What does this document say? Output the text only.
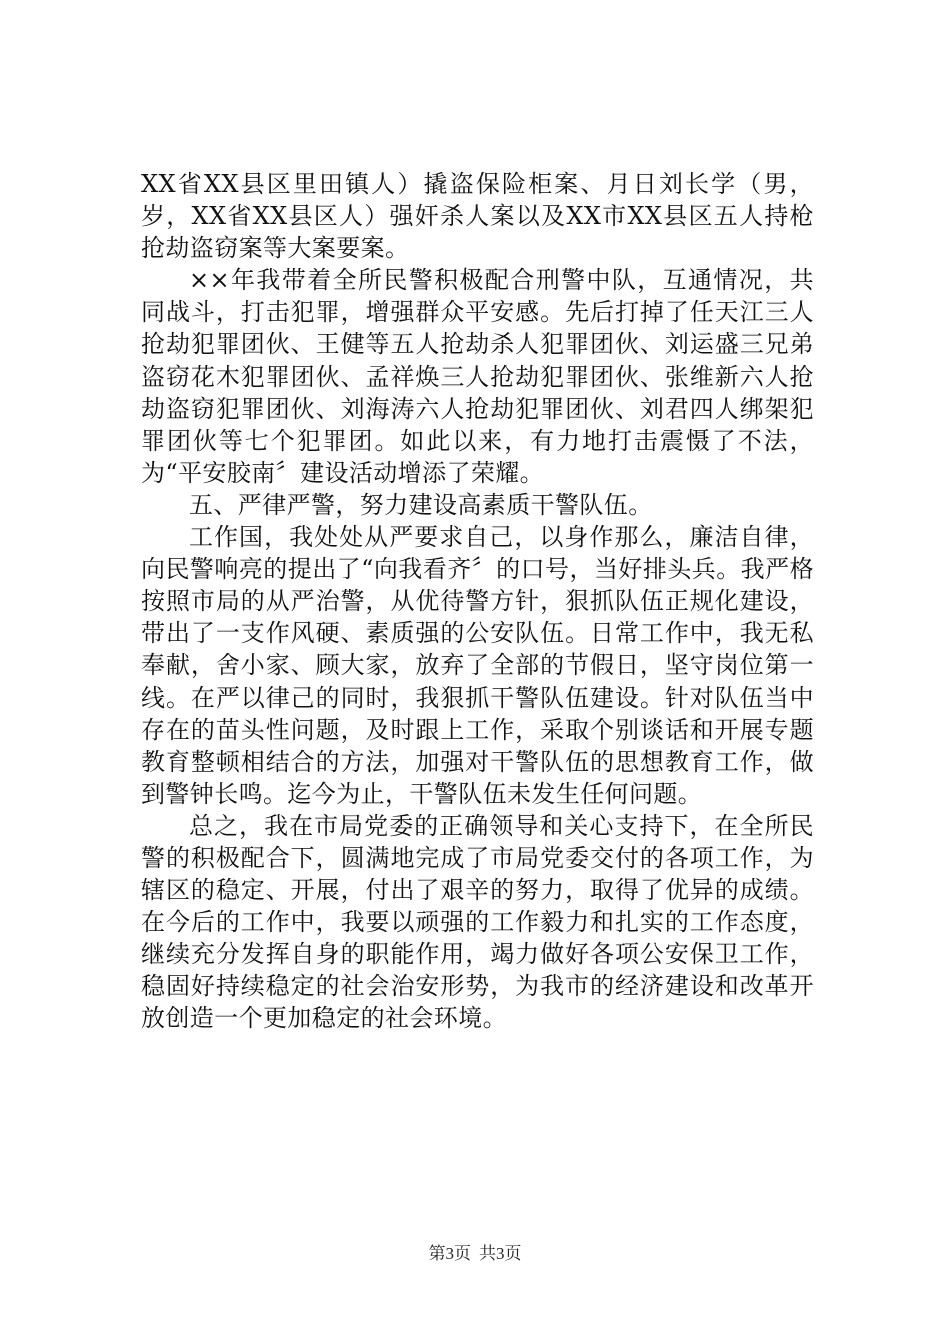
XX省XX县区里田镇人）撬盗保险柜案、月日刘长学（男，岁，XX省XX县区人）强奸杀人案以及XX市XX县区五人持枪抢劫盗窃案等大案要案。

××年我带着全所民警积极配合刑警中队，互通情况，共同战斗，打击犯罪，增强群众平安感。先后打掉了任天江三人抢劫犯罪团伙、王健等五人抢劫杀人犯罪团伙、刘运盛三兄弟盗窃花木犯罪团伙、孟祥焕三人抢劫犯罪团伙、张维新六人抢劫盗窃犯罪团伙、刘海涛六人抢劫犯罪团伙、刘君四人绑架犯罪团伙等七个犯罪团。如此以来，有力地打击震慑了不法，为“平安胶南〞建设活动增添了荣耀。

五、严律严警，努力建设高素质干警队伍。

工作国，我处处从严要求自己，以身作那么，廉洁自律，向民警响亮的提出了“向我看齐〞的口号，当好排头兵。我严格按照市局的从严治警，从优待警方针，狠抓队伍正规化建设，带出了一支作风硬、素质强的公安队伍。日常工作中，我无私奉献，舍小家、顾大家，放弃了全部的节假日，坚守岗位第一线。在严以律己的同时，我狠抓干警队伍建设。针对队伍当中存在的苗头性问题，及时跟上工作，采取个别谈话和开展专题教育整顿相结合的方法，加强对干警队伍的思想教育工作，做到警钟长鸣。迄今为止，干警队伍未发生任何问题。

总之，我在市局党委的正确领导和关心支持下，在全所民警的积极配合下，圆满地完成了市局党委交付的各项工作，为辖区的稳定、开展，付出了艰辛的努力，取得了优异的成绩。在今后的工作中，我要以顽强的工作毅力和扎实的工作态度，继续充分发挥自身的职能作用，竭力做好各项公安保卫工作，稳固好持续稳定的社会治安形势，为我市的经济建设和改革开放创造一个更加稳定的社会环境。

第3页 共3页
